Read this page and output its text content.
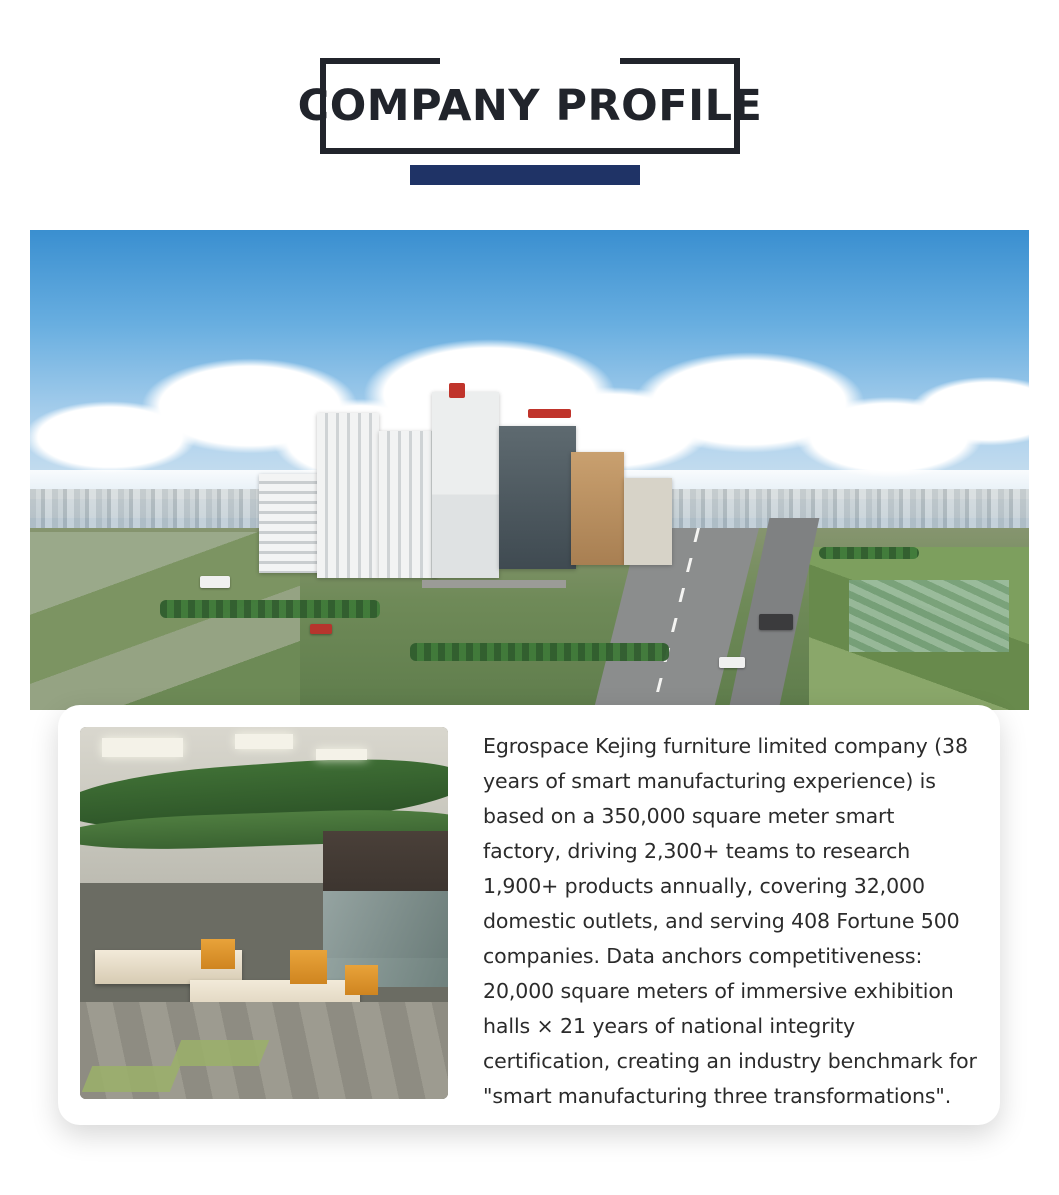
COMPANY PROFILE
Egrospace Kejing furniture limited company (38 years of smart manufacturing experience) is based on a 350,000 square meter smart factory, driving 2,300+ teams to research 1,900+ products annually, covering 32,000 domestic outlets, and serving 408 Fortune 500 companies. Data anchors competitiveness: 20,000 square meters of immersive exhibition halls × 21 years of national integrity certification, creating an industry benchmark for "smart manufacturing three transformations".
